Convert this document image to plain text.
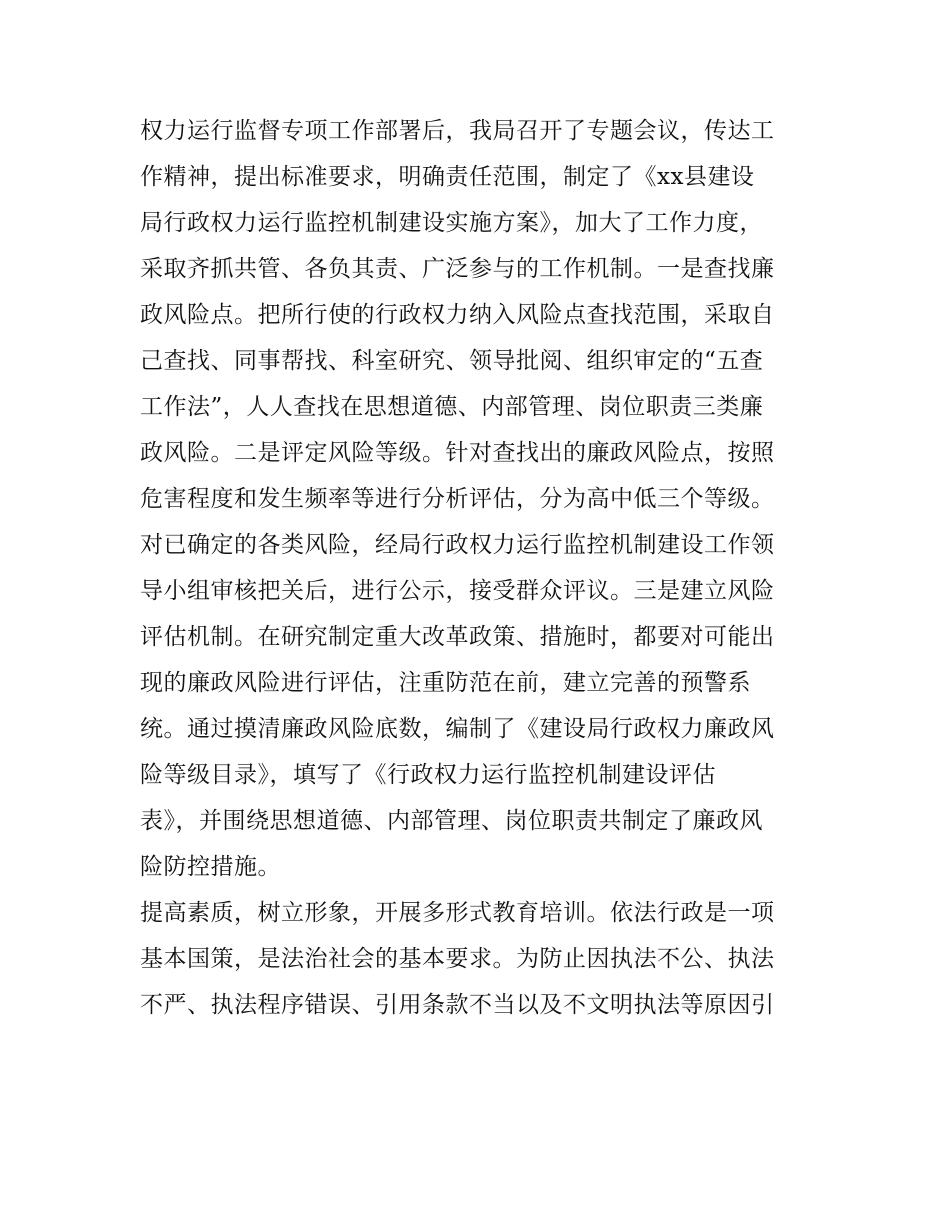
权力运行监督专项工作部署后，我局召开了专题会议，传达工
作精神，提出标准要求，明确责任范围，制定了《xx县建设
局行政权力运行监控机制建设实施方案》，加大了工作力度，
采取齐抓共管、各负其责、广泛参与的工作机制。一是查找廉
政风险点。把所行使的行政权力纳入风险点查找范围，采取自
己查找、同事帮找、科室研究、领导批阅、组织审定的“五查
工作法”，人人查找在思想道德、内部管理、岗位职责三类廉
政风险。二是评定风险等级。针对查找出的廉政风险点，按照
危害程度和发生频率等进行分析评估，分为高中低三个等级。
对已确定的各类风险，经局行政权力运行监控机制建设工作领
导小组审核把关后，进行公示，接受群众评议。三是建立风险
评估机制。在研究制定重大改革政策、措施时，都要对可能出
现的廉政风险进行评估，注重防范在前，建立完善的预警系
统。通过摸清廉政风险底数，编制了《建设局行政权力廉政风
险等级目录》，填写了《行政权力运行监控机制建设评估
表》，并围绕思想道德、内部管理、岗位职责共制定了廉政风
险防控措施。
提高素质，树立形象，开展多形式教育培训。依法行政是一项
基本国策，是法治社会的基本要求。为防止因执法不公、执法
不严、执法程序错误、引用条款不当以及不文明执法等原因引
